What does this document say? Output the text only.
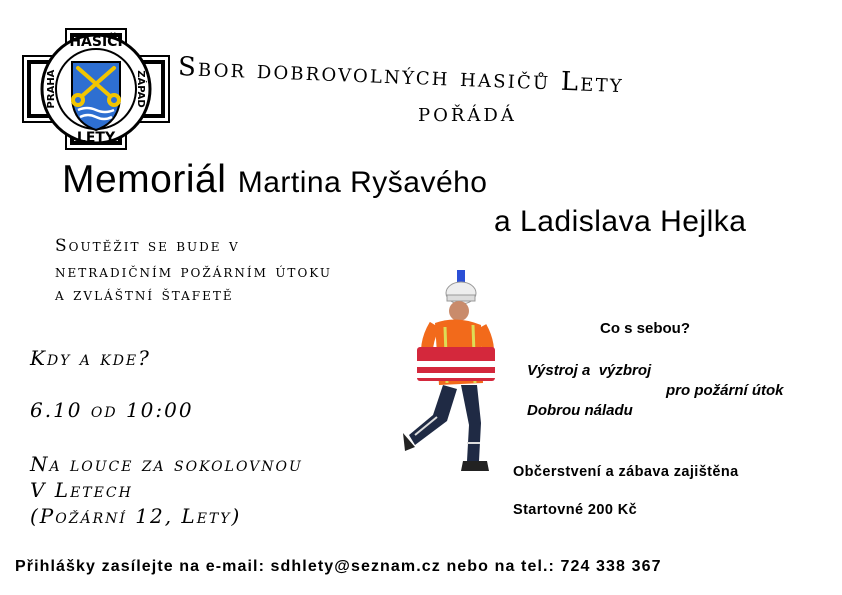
HASIČI
LETY
PRAHA	ZÁPAD Sbor dobrovolných hasičů Lety
pořádá
Memoriál Martina Ryšavého
a Ladislava Hejlka
Soutěžit se bude v
netradičním požárním útoku
a zvláštní štafetě
Kdy a kde?
6.10 od 10:00
Na louce za sokolovnou
V Letech
(Požární 12, Lety)
Co s sebou?
Výstroj a  výzbroj
pro požární útok
Dobrou náladu
Občerstvení a zábava zajištěna
Startovné 200 Kč
Přihlášky zasílejte na e-mail: sdhlety@seznam.cz nebo na tel.: 724 338 367
